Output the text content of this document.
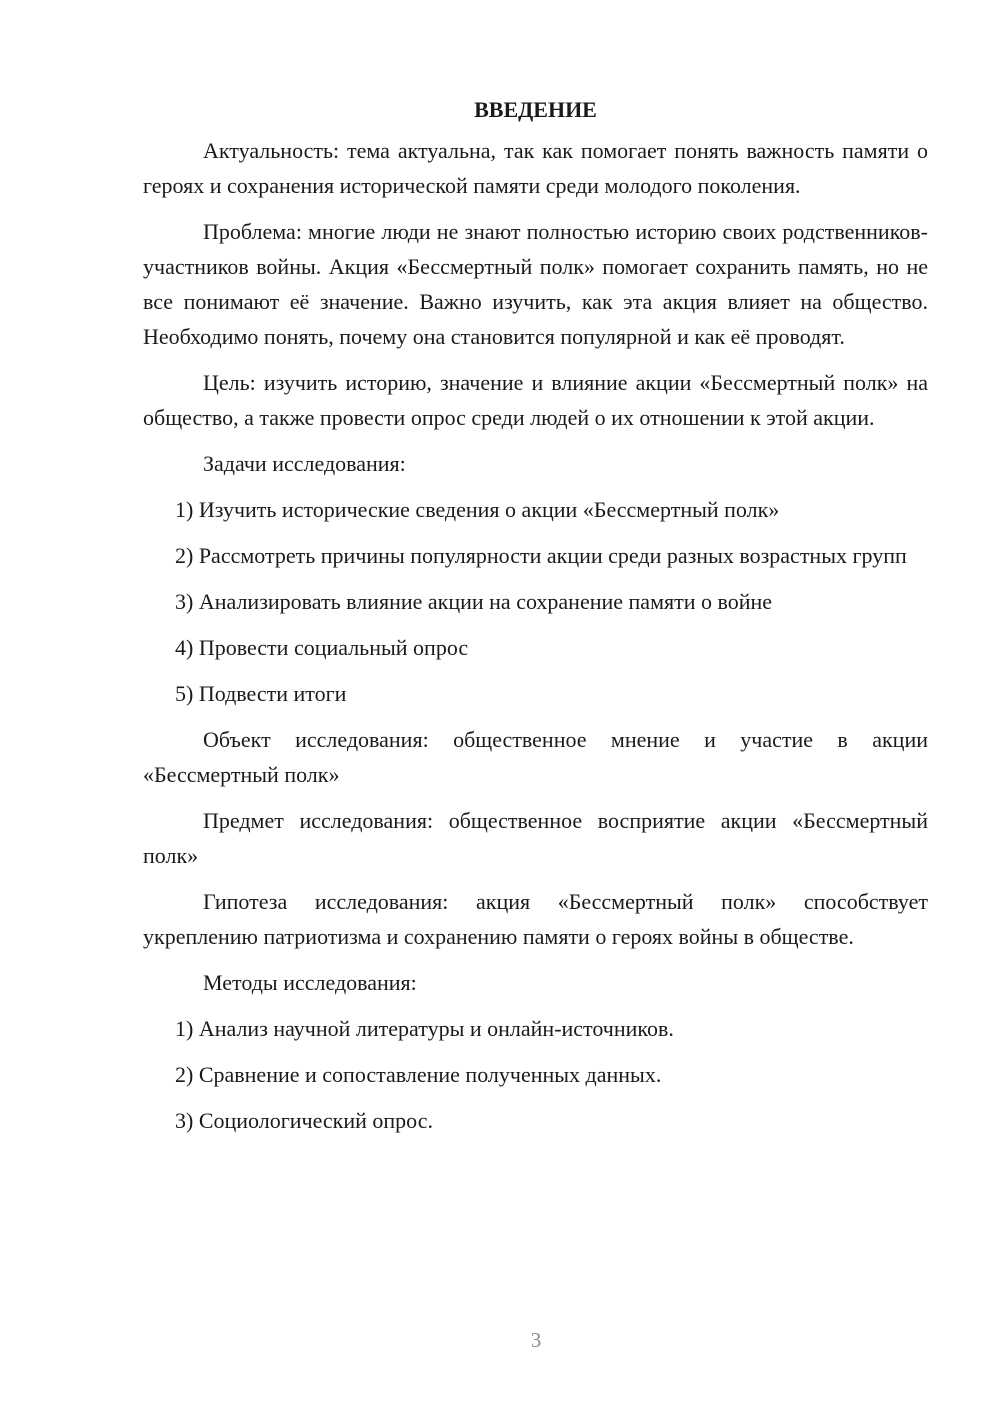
ВВЕДЕНИЕ

Актуальность: тема актуальна, так как помогает понять важность памяти о героях и сохранения исторической памяти среди молодого поколения.

Проблема: многие люди не знают полностью историю своих родственников-участников войны. Акция «Бессмертный полк» помогает сохранить память, но не все понимают её значение. Важно изучить, как эта акция влияет на общество. Необходимо понять, почему она становится популярной и как её проводят.

Цель: изучить историю, значение и влияние акции «Бессмертный полк» на общество, а также провести опрос среди людей о их отношении к этой акции.

Задачи исследования:

1) Изучить исторические сведения о акции «Бессмертный полк»

2) Рассмотреть причины популярности акции среди разных возрастных групп

3) Анализировать влияние акции на сохранение памяти о войне

4) Провести социальный опрос

5) Подвести итоги

Объект исследования: общественное мнение и участие в акции «Бессмертный полк»

Предмет исследования: общественное восприятие акции «Бессмертный полк»

Гипотеза исследования: акция «Бессмертный полк» способствует укреплению патриотизма и сохранению памяти о героях войны в обществе.

Методы исследования:

1) Анализ научной литературы и онлайн-источников.

2) Сравнение и сопоставление полученных данных.

3) Социологический опрос.

3
